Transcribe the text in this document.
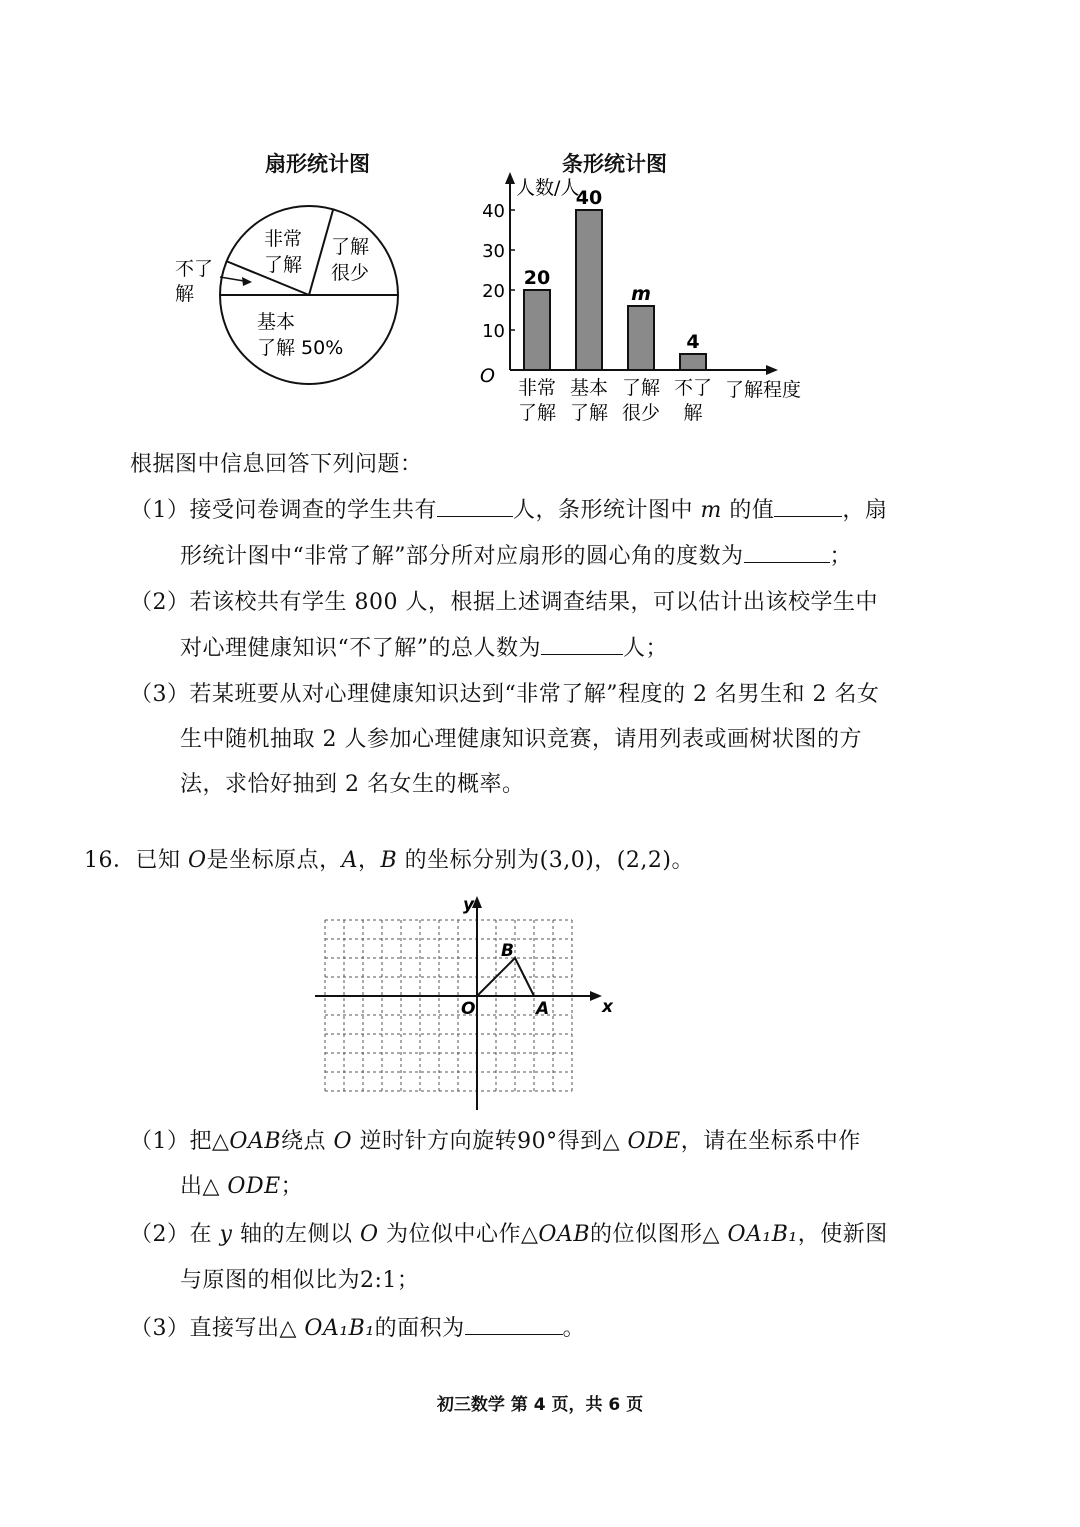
扇形统计图
非常
了解
了解
很少
不了
解
基本
了解 50%
条形统计图
人数/人
了解程度
O
10
20
30
40
20
非常
了解
40
基本
了解
m
了解
很少
4
不了
解
根据图中信息回答下列问题：
（1）接受问卷调查的学生共有	人，条形统计图中 m 的值	，扇
形统计图中“非常了解”部分所对应扇形的圆心角的度数为	；
（2）若该校共有学生 800 人，根据上述调查结果，可以估计出该校学生中
对心理健康知识“不了解”的总人数为	人；
（3）若某班要从对心理健康知识达到“非常了解”程度的 2 名男生和 2 名女
生中随机抽取 2 人参加心理健康知识竞赛，请用列表或画树状图的方
法，求恰好抽到 2 名女生的概率。
16．已知 O是坐标原点，A，B 的坐标分别为(3,0)，(2,2)。
y
x
O	A
B
（1）把△OAB绕点 O 逆时针方向旋转90°得到△ ODE，请在坐标系中作
出△ ODE；
（2）在 y 轴的左侧以 O 为位似中心作△OAB的位似图形△ OA₁B₁，使新图
与原图的相似比为2:1；
（3）直接写出△ OA₁B₁的面积为	。
初三数学 第 4 页，共 6 页
